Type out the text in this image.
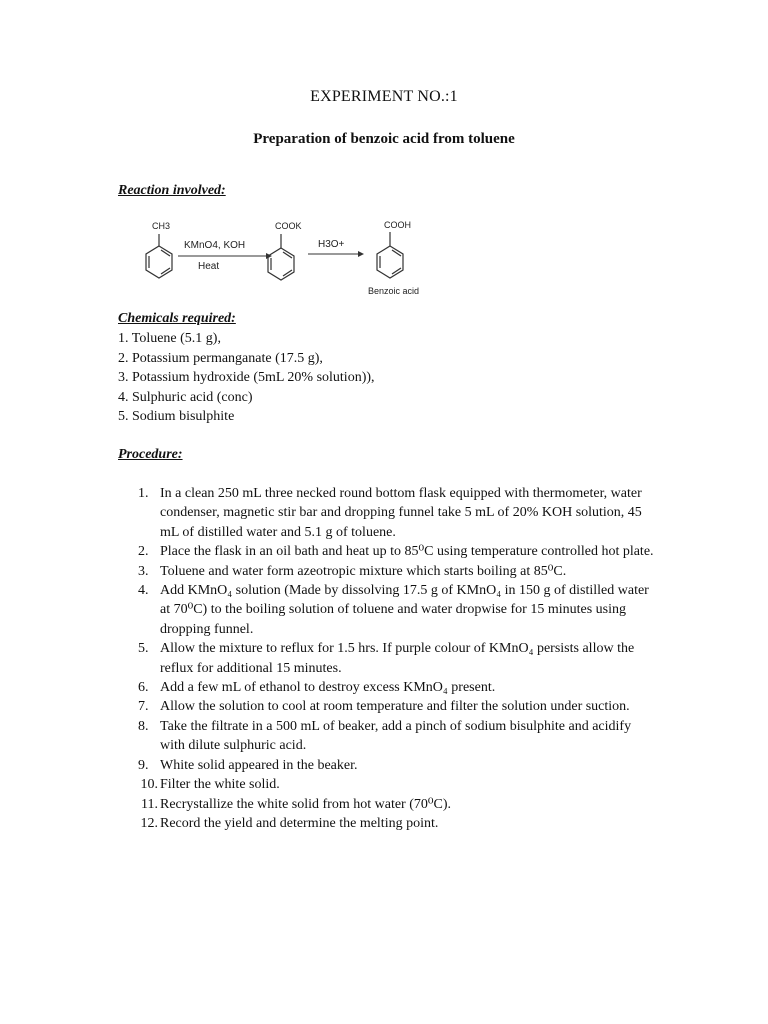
EXPERIMENT NO.:1
Preparation of benzoic acid from toluene
Reaction involved:
CH3
KMnO4, KOH
Heat
COOK
H3O+
COOH
Benzoic acid
Chemicals required:
1. Toluene (5.1 g),
2. Potassium permanganate (17.5 g),
3. Potassium hydroxide (5mL 20% solution)),
4. Sulphuric acid (conc)
5. Sodium bisulphite
Procedure:
1. In a clean 250 mL three necked round bottom flask equipped with thermometer, water condenser, magnetic stir bar and dropping funnel take 5 mL of 20% KOH solution, 45 mL of distilled water and 5.1 g of toluene.
2. Place the flask in an oil bath and heat up to 85⁰C using temperature controlled hot plate.
3. Toluene and water form azeotropic mixture which starts boiling at 85⁰C.
4. Add KMnO₄ solution (Made by dissolving 17.5 g of KMnO₄ in 150 g of distilled water at 70⁰C) to the boiling solution of toluene and water dropwise for 15 minutes using dropping funnel.
5. Allow the mixture to reflux for 1.5 hrs. If purple colour of KMnO₄ persists allow the reflux for additional 15 minutes.
6. Add a few mL of ethanol to destroy excess KMnO₄ present.
7. Allow the solution to cool at room temperature and filter the solution under suction.
8. Take the filtrate in a 500 mL of beaker, add a pinch of sodium bisulphite and acidify with dilute sulphuric acid.
9. White solid appeared in the beaker.
10. Filter the white solid.
11. Recrystallize the white solid from hot water (70⁰C).
12. Record the yield and determine the melting point.
